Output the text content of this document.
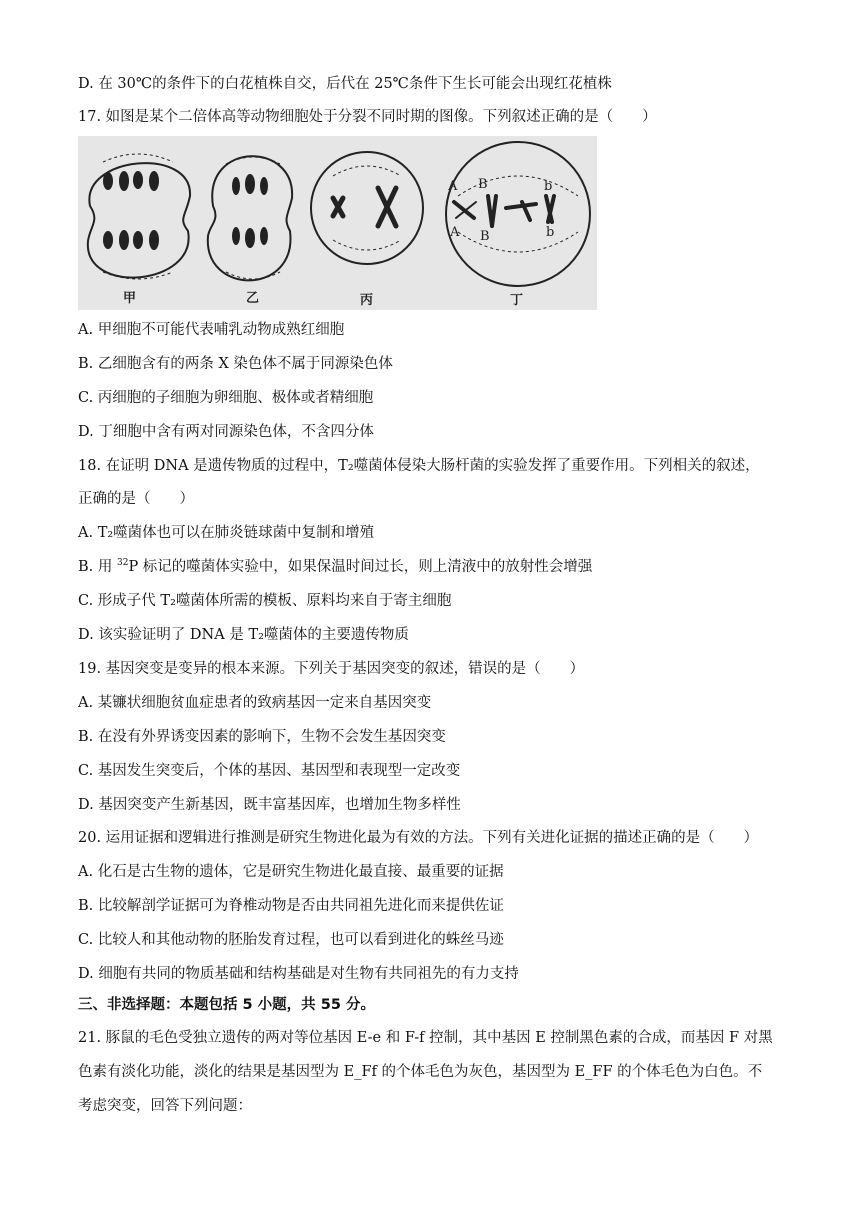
D. 在 30℃的条件下的白花植株自交，后代在 25℃条件下生长可能会出现红花植株
17. 如图是某个二倍体高等动物细胞处于分裂不同时期的图像。下列叙述正确的是（　　）
A
A
B
B
b
b
甲	乙	丙	丁
A. 甲细胞不可能代表哺乳动物成熟红细胞
B. 乙细胞含有的两条 X 染色体不属于同源染色体
C. 丙细胞的子细胞为卵细胞、极体或者精细胞
D. 丁细胞中含有两对同源染色体，不含四分体
18. 在证明 DNA 是遗传物质的过程中，T₂噬菌体侵染大肠杆菌的实验发挥了重要作用。下列相关的叙述，
正确的是（　　）
A. T₂噬菌体也可以在肺炎链球菌中复制和增殖
B. 用 $^{32}$P 标记的噬菌体实验中，如果保温时间过长，则上清液中的放射性会增强
C. 形成子代 T₂噬菌体所需的模板、原料均来自于寄主细胞
D. 该实验证明了 DNA 是 T₂噬菌体的主要遗传物质
19. 基因突变是变异的根本来源。下列关于基因突变的叙述，错误的是（　　）
A. 某镰状细胞贫血症患者的致病基因一定来自基因突变
B. 在没有外界诱变因素的影响下，生物不会发生基因突变
C. 基因发生突变后，个体的基因、基因型和表现型一定改变
D. 基因突变产生新基因，既丰富基因库，也增加生物多样性
20. 运用证据和逻辑进行推测是研究生物进化最为有效的方法。下列有关进化证据的描述正确的是（　　）
A. 化石是古生物的遗体，它是研究生物进化最直接、最重要的证据
B. 比较解剖学证据可为脊椎动物是否由共同祖先进化而来提供佐证
C. 比较人和其他动物的胚胎发育过程，也可以看到进化的蛛丝马迹
D. 细胞有共同的物质基础和结构基础是对生物有共同祖先的有力支持
三、非选择题：本题包括 5 小题，共 55 分。
21. 豚鼠的毛色受独立遗传的两对等位基因 E-e 和 F-f 控制，其中基因 E 控制黑色素的合成，而基因 F 对黑
色素有淡化功能，淡化的结果是基因型为 E_Ff 的个体毛色为灰色，基因型为 E_FF 的个体毛色为白色。不
考虑突变，回答下列问题：
